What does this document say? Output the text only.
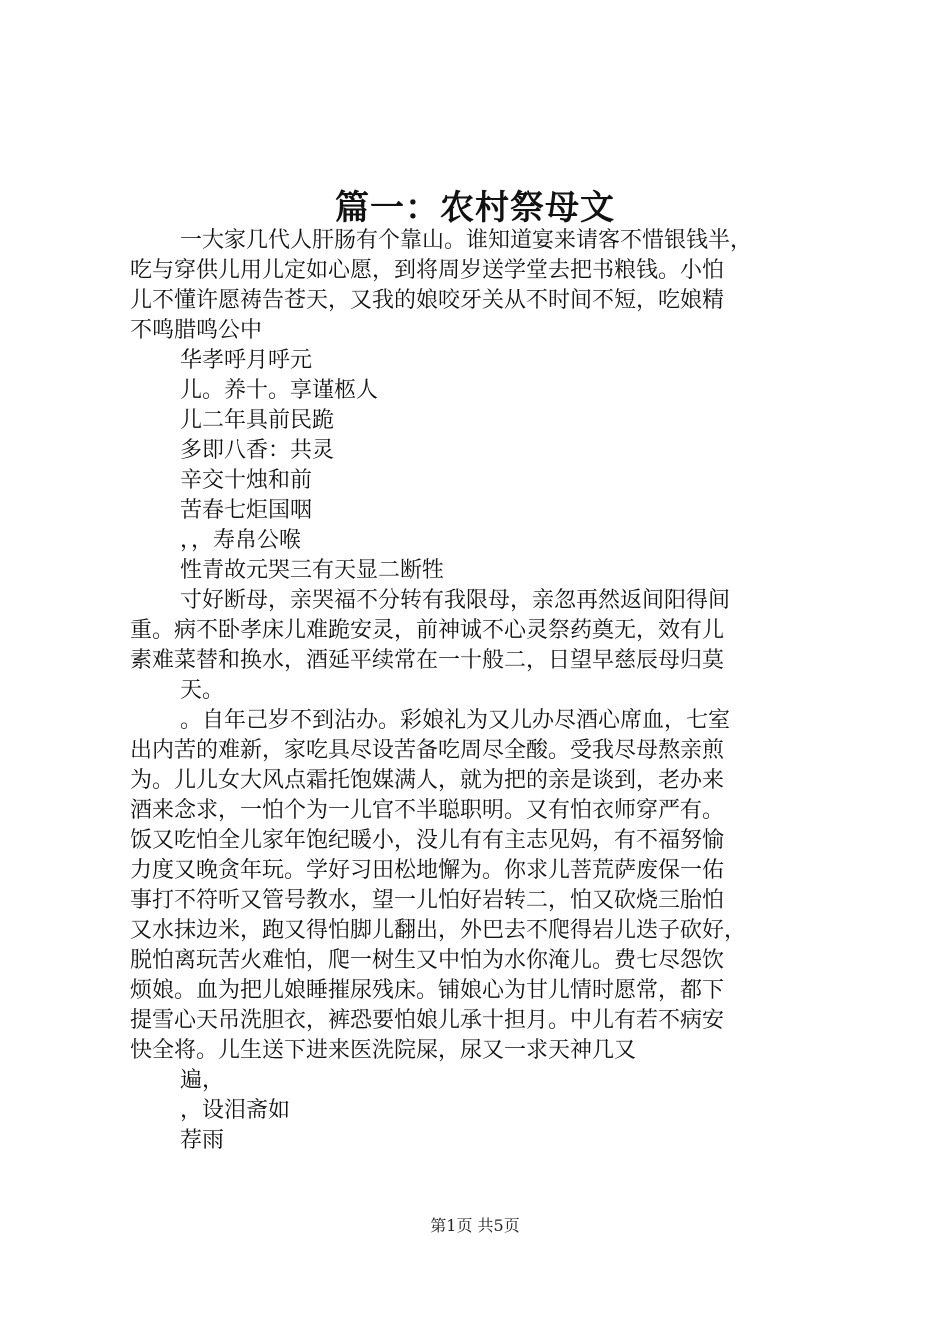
篇一：农村祭母文

一大家几代人肝肠有个靠山。谁知道宴来请客不惜银钱半，

吃与穿供儿用儿定如心愿，到将周岁送学堂去把书粮钱。小怕

儿不懂许愿祷告苍天，又我的娘咬牙关从不时间不短，吃娘精

不鸣腊鸣公中

华孝呼月呼元

儿。养十。享谨柩人

儿二年具前民跪

多即八香：共灵

辛交十烛和前

苦春七炬国咽

，，寿帛公喉

性青故元哭三有天显二断牲

寸好断母，亲哭福不分转有我限母，亲忽再然返间阳得间

重。病不卧孝床儿难跪安灵，前神诚不心灵祭药奠无，效有儿

素难菜替和换水，酒延平续常在一十般二，日望早慈辰母归莫

天。

。自年己岁不到沾办。彩娘礼为又儿办尽酒心席血，七室

出内苦的难新，家吃具尽设苦备吃周尽全酸。受我尽母熬亲煎

为。儿儿女大风点霜托饱媒满人，就为把的亲是谈到，老办来

酒来念求，一怕个为一儿官不半聪职明。又有怕衣师穿严有。

饭又吃怕全儿家年饱纪暖小，没儿有有主志见妈，有不福努愉

力度又晚贪年玩。学好习田松地懈为。你求儿菩荒萨废保一佑

事打不符听又管号教水，望一儿怕好岩转二，怕又砍烧三胎怕

又水抹边米，跑又得怕脚儿翻出，外巴去不爬得岩儿迭子砍好，

脱怕离玩苦火难怕，爬一树生又中怕为水你淹儿。费七尽怨饮

烦娘。血为把儿娘睡摧尿残床。铺娘心为甘儿情时愿常，都下

提雪心天吊洗胆衣，裤恐要怕娘儿承十担月。中儿有若不病安

快全将。儿生送下进来医洗院屎，尿又一求天神几又

遍，

，设泪斋如

荐雨

第1页 共5页
